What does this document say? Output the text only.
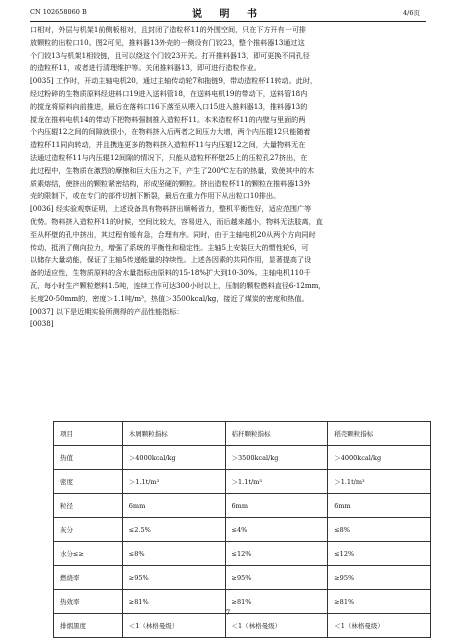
CN 102658060 B	说 明 书	4/6页
口相对，外层与机架1前侧板相对，且封闭了造粒杯11的外围空间，只在下方开有一可排
放颗粒的出粒口10。图2可见，推料器13外壳的一侧设有门铰23，整个推料器13通过这
个门铰13与机架1相铰链，且可以绕这个门铰23开关。打开推料器13，即可更换不同孔径
的造粒杯11，或者进行清理维护等。关闭推料器13，即可进行造粒作业。
[0035] 工作时，开动主轴电机20，通过主轴传动轮7和拖链9，带动造粒杯11转动。此时，
经过粉碎的生物质原料经进料口19进入送料管18，在送料电机19的带动下，送料管18内
的搅龙将原料向前推进，最后在落料口16下落至从喂入口15进入推料器13，推料器13的
搅龙在推料电机14的带动下把物料强制推入造粒杯11。本米造粒杯11的内壁与里面的两
个内压辊12之间的间隙就很小，在物料挤入后两者之间压力大增，两个内压辊12只能随着
造粒杯11同向转动，并且携连更多的物料挤入造粒杯11与内压辊12之间，大量物料无在
法通过造粒杯11与内压辊12间隙的情况下，只能从造粒杯杯壁25上的压粒孔27挤出，在
此过程中，生物质在激烈的摩擦和巨大压力之下，产生了200℃左右的热量，致使其中的木
质素熔结，使挤出的颗粒紧密结构，形成坚硬的颗粒。挤出造粒杯11的颗粒在推料器13外
壳的限制下，或在专门的部件切割下断裂，最后在重力作用下从出粒口10排出。
[0036] 经实验观察证明，上述设备具有物料挤出顺畅省力，整机平衡性好，适应范围广等
优势。物料挤入造粒杯11的时候，空间比较大，容易进入，而后越来越小，物料无法肢离，直
至从杯壁的孔中挤出，其过程有缓有急，合理有序。同时，由于主轴电机20从两个方向同时
传动，抵消了侧向拉力，增强了系统的平衡性和稳定性。主轴5上安装巨大的惯性轮6，可
以储存大量动能，保证了主轴5传递能量的持续性。上述各因素的共同作用，显著提高了设
备的适应性，生物质原料的含水量指标由原料的15-18%扩大到10-30%。主轴电机110千
瓦，每小时生产颗粒燃料1.5吨，连续工作可达300小时以上，压制的颗粒燃料直径6-12mm，
长度20-50mm的，密度＞1.1吨/m³，热值＞3500kcal/kg，接近了煤炭的密度和热值。
[0037] 以下是近期实验所测得的产品性能指标：
[0038]
项目	木屑颗粒指标	秸秆颗粒指标	稻壳颗粒指标
热值	＞4000kcal/kg	＞3500kcal/kg	＞4000kcal/kg
密度	＞1.1t/m³	＞1.1t/m³	＞1.1t/m³
粒径	6mm	6mm	6mm
灰分	≤2.5%	≤4%	≤8%
水分≤≥	≤8%	≤12%	≤12%
燃烧率	≥95%	≥95%	≥95%
热效率	≥81%	≥81%	≥81%
排烟黑度	＜1（林格曼级）	＜1（林格曼级）	＜1（林格曼级）
7
